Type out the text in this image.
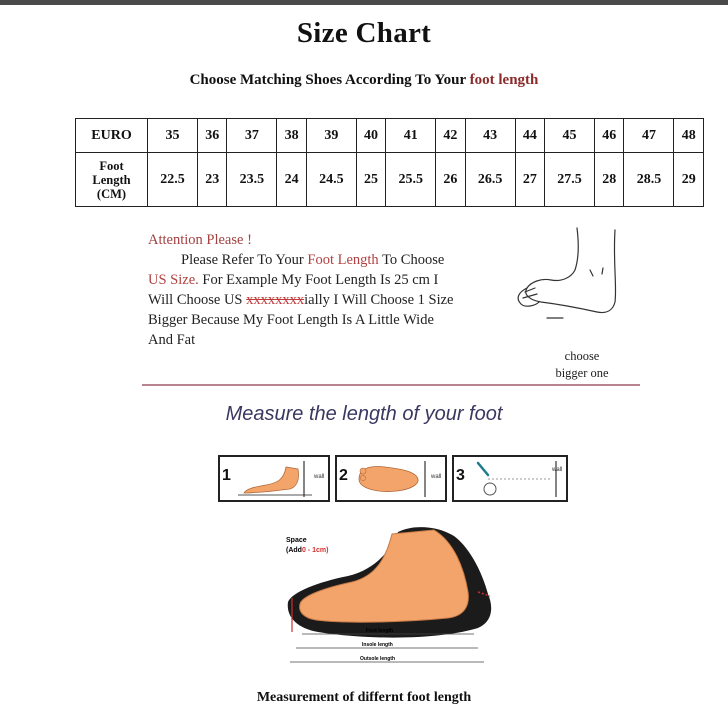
Size Chart
Choose Matching Shoes According To Your foot length
EURO	35	36	37	38	39	40	41	42	43	44	45	46	47	48

Foot
Length
(CM)	22.5	23	23.5	24	24.5	25	25.5	26	26.5	27	27.5	28	28.5	29
Attention Please !
Please Refer To Your Foot Length To Choose
US Size. For Example My Foot Length Is 25 cm I
Will Choose US xxxxxxxxially I Will Choose 1 Size
Bigger Because My Foot Length Is A Little Wide
And Fat
choose
bigger one
Measure the length of your foot
1	wall 2	wall 3	wall
Space
(Add0 - 1cm)
Foot length
Insole length
Outsole length
Measurement of differnt foot length
